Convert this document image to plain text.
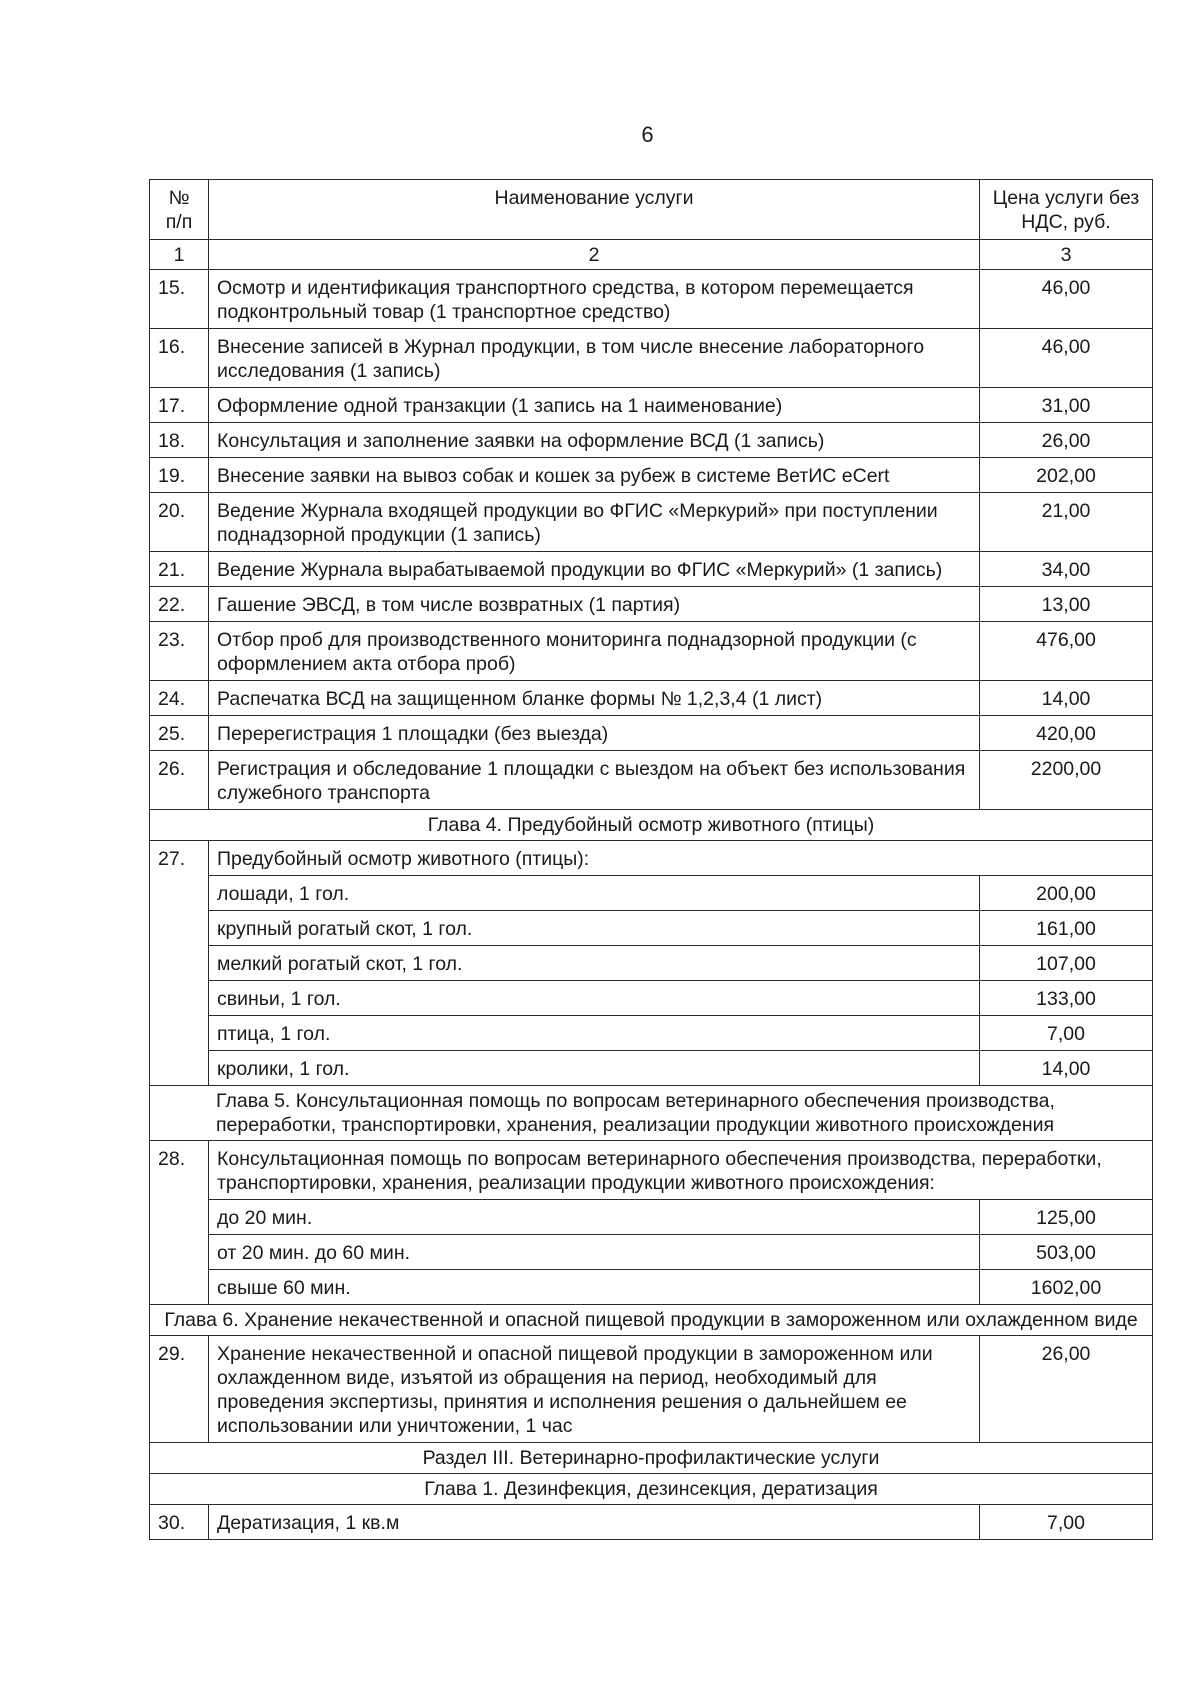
6
№ п/п	Наименование услуги	Цена услуги без НДС, руб.
1	2	3
15.	Осмотр и идентификация транспортного средства, в котором перемещается подконтрольный товар (1 транспортное средство)	46,00
16.	Внесение записей в Журнал продукции, в том числе внесение лабораторного исследования (1 запись)	46,00
17.	Оформление одной транзакции (1 запись на 1 наименование)	31,00
18.	Консультация и заполнение заявки на оформление ВСД (1 запись)	26,00
19.	Внесение заявки на вывоз собак и кошек за рубеж в системе ВетИС eCert	202,00
20.	Ведение Журнала входящей продукции во ФГИС «Меркурий» при поступлении поднадзорной продукции (1 запись)	21,00
21.	Ведение Журнала вырабатываемой продукции во ФГИС «Меркурий» (1 запись)	34,00
22.	Гашение ЭВСД, в том числе возвратных (1 партия)	13,00
23.	Отбор проб для производственного мониторинга поднадзорной продукции (с оформлением акта отбора проб)	476,00
24.	Распечатка ВСД на защищенном бланке формы № 1,2,3,4 (1 лист)	14,00
25.	Перерегистрация 1 площадки (без выезда)	420,00
26.	Регистрация и обследование 1 площадки с выездом на объект без использования служебного транспорта	2200,00
Глава 4. Предубойный осмотр животного (птицы)		
27.	Предубойный осмотр животного (птицы):	
	лошади, 1 гол.	200,00
	крупный рогатый скот, 1 гол.	161,00
	мелкий рогатый скот, 1 гол.	107,00
	свиньи, 1 гол.	133,00
	птица, 1 гол.	7,00
	кролики, 1 гол.	14,00
Глава 5. Консультационная помощь по вопросам ветеринарного обеспечения производства, переработки, транспортировки, хранения, реализации продукции животного происхождения		
28.	Консультационная помощь по вопросам ветеринарного обеспечения производства, переработки, транспортировки, хранения, реализации продукции животного происхождения:	
	до 20 мин.	125,00
	от 20 мин. до 60 мин.	503,00
	свыше 60 мин.	1602,00
Глава 6. Хранение некачественной и опасной пищевой продукции в замороженном или охлажденном виде		
29.	Хранение некачественной и опасной пищевой продукции в замороженном или охлажденном виде, изъятой из обращения на период, необходимый для проведения экспертизы, принятия и исполнения решения о дальнейшем ее использовании или уничтожении, 1 час	26,00
Раздел III. Ветеринарно-профилактические услуги		
Глава 1. Дезинфекция, дезинсекция, дератизация		
30.	Дератизация, 1 кв.м	7,00
